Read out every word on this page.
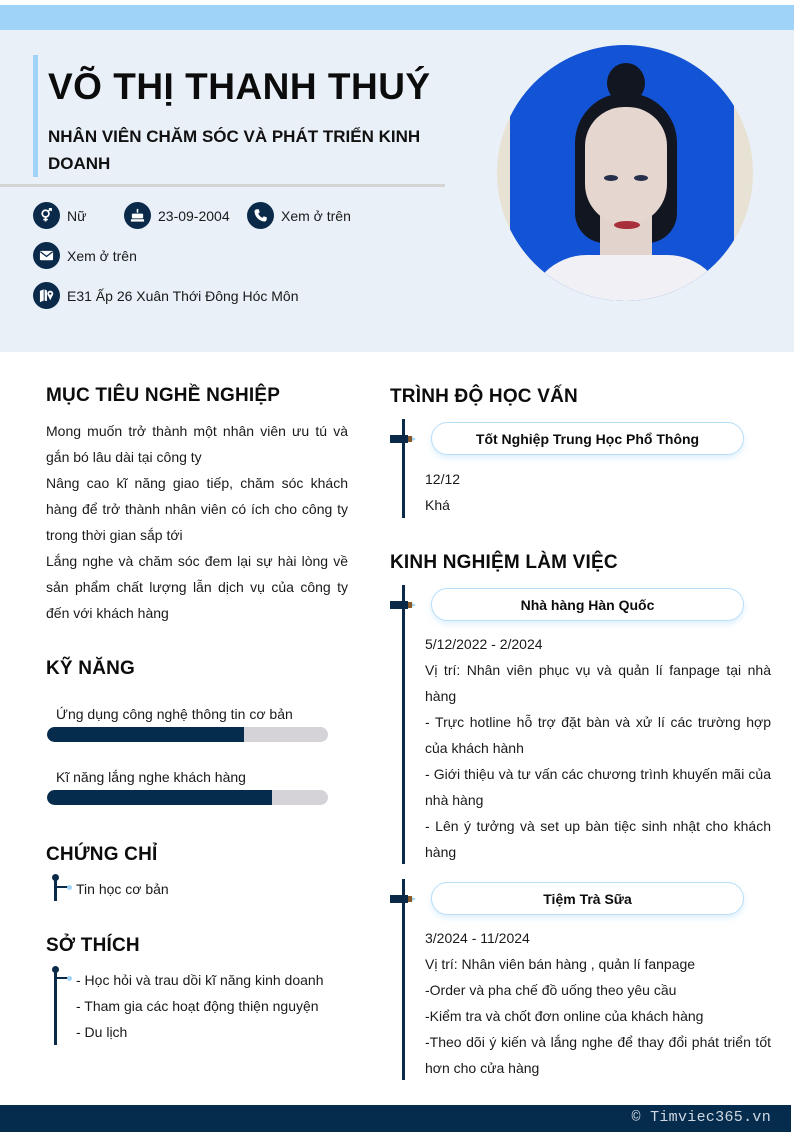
VÕ THỊ THANH THUÝ
NHÂN VIÊN CHĂM SÓC VÀ PHÁT TRIỂN KINH DOANH
Nữ	23-09-2004	Xem ở trên
Xem ở trên
E31 Ấp 26 Xuân Thới Đông Hóc Môn
MỤC TIÊU NGHỀ NGHIỆP

Mong muốn trở thành một nhân viên ưu tú và gắn bó lâu dài tại công ty

Nâng cao kĩ năng giao tiếp, chăm sóc khách hàng để trở thành nhân viên có ích cho công ty trong thời gian sắp tới

Lắng nghe và chăm sóc đem lại sự hài lòng về sản phẩm chất lượng lẫn dịch vụ của công ty đến với khách hàng

KỸ NĂNG
Ứng dụng công nghệ thông tin cơ bản
Kĩ năng lắng nghe khách hàng
CHỨNG CHỈ
Tin học cơ bản
SỞ THÍCH
- Học hỏi và trau dồi kĩ năng kinh doanh
- Tham gia các hoạt động thiện nguyện
- Du lịch
TRÌNH ĐỘ HỌC VẤN
Tốt Nghiệp Trung Học Phổ Thông

12/12

Khá

KINH NGHIỆM LÀM VIỆC
Nhà hàng Hàn Quốc

5/12/2022 - 2/2024

Vị trí: Nhân viên phục vụ và quản lí fanpage tại nhà hàng

- Trực hotline hỗ trợ đặt bàn và xử lí các trường hợp của khách hành

- Giới thiệu và tư vấn các chương trình khuyến mãi của nhà hàng

- Lên ý tưởng và set up bàn tiệc sinh nhật cho khách hàng

Tiệm Trà Sữa

3/2024 - 11/2024

Vị trí: Nhân viên bán hàng , quản lí fanpage

-Order và pha chế đồ uống theo yêu cầu

-Kiểm tra và chốt đơn online của khách hàng

-Theo dõi ý kiến và lắng nghe để thay đổi phát triển tốt hơn cho cửa hàng

© Timviec365.vn
